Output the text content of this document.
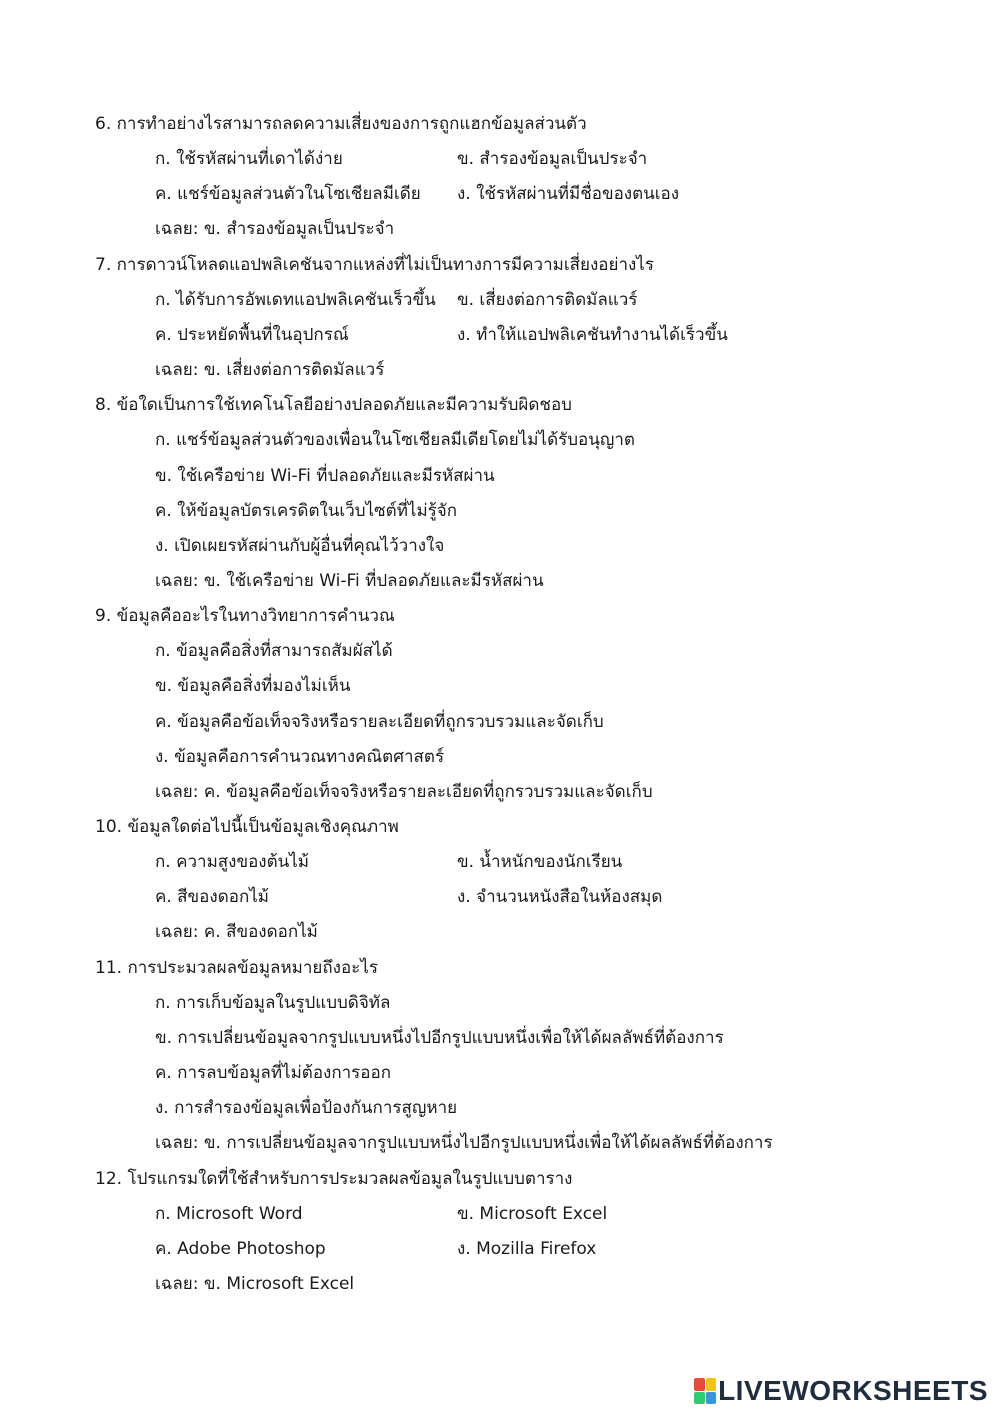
6. การทำอย่างไรสามารถลดความเสี่ยงของการถูกแฮกข้อมูลส่วนตัว
ก. ใช้รหัสผ่านที่เดาได้ง่าย	ข. สำรองข้อมูลเป็นประจำ
ค. แชร์ข้อมูลส่วนตัวในโซเชียลมีเดีย ง. ใช้รหัสผ่านที่มีชื่อของตนเอง
เฉลย: ข. สำรองข้อมูลเป็นประจำ
7. การดาวน์โหลดแอปพลิเคชันจากแหล่งที่ไม่เป็นทางการมีความเสี่ยงอย่างไร
ก. ได้รับการอัพเดทแอปพลิเคชันเร็วขึ้น ข. เสี่ยงต่อการติดมัลแวร์
ค. ประหยัดพื้นที่ในอุปกรณ์	ง. ทำให้แอปพลิเคชันทำงานได้เร็วขึ้น
เฉลย: ข. เสี่ยงต่อการติดมัลแวร์
8. ข้อใดเป็นการใช้เทคโนโลยีอย่างปลอดภัยและมีความรับผิดชอบ
ก. แชร์ข้อมูลส่วนตัวของเพื่อนในโซเชียลมีเดียโดยไม่ได้รับอนุญาต
ข. ใช้เครือข่าย Wi-Fi ที่ปลอดภัยและมีรหัสผ่าน
ค. ให้ข้อมูลบัตรเครดิตในเว็บไซต์ที่ไม่รู้จัก
ง. เปิดเผยรหัสผ่านกับผู้อื่นที่คุณไว้วางใจ
เฉลย: ข. ใช้เครือข่าย Wi-Fi ที่ปลอดภัยและมีรหัสผ่าน
9. ข้อมูลคืออะไรในทางวิทยาการคำนวณ
ก. ข้อมูลคือสิ่งที่สามารถสัมผัสได้
ข. ข้อมูลคือสิ่งที่มองไม่เห็น
ค. ข้อมูลคือข้อเท็จจริงหรือรายละเอียดที่ถูกรวบรวมและจัดเก็บ
ง. ข้อมูลคือการคำนวณทางคณิตศาสตร์
เฉลย: ค. ข้อมูลคือข้อเท็จจริงหรือรายละเอียดที่ถูกรวบรวมและจัดเก็บ
10. ข้อมูลใดต่อไปนี้เป็นข้อมูลเชิงคุณภาพ
ก. ความสูงของต้นไม้	ข. น้ำหนักของนักเรียน
ค. สีของดอกไม้	ง. จำนวนหนังสือในห้องสมุด
เฉลย: ค. สีของดอกไม้
11. การประมวลผลข้อมูลหมายถึงอะไร
ก. การเก็บข้อมูลในรูปแบบดิจิทัล
ข. การเปลี่ยนข้อมูลจากรูปแบบหนึ่งไปอีกรูปแบบหนึ่งเพื่อให้ได้ผลลัพธ์ที่ต้องการ
ค. การลบข้อมูลที่ไม่ต้องการออก
ง. การสำรองข้อมูลเพื่อป้องกันการสูญหาย
เฉลย: ข. การเปลี่ยนข้อมูลจากรูปแบบหนึ่งไปอีกรูปแบบหนึ่งเพื่อให้ได้ผลลัพธ์ที่ต้องการ
12. โปรแกรมใดที่ใช้สำหรับการประมวลผลข้อมูลในรูปแบบตาราง
ก. Microsoft Word	ข. Microsoft Excel
ค. Adobe Photoshop	ง. Mozilla Firefox
เฉลย: ข. Microsoft Excel
LIVEWORKSHEETS
